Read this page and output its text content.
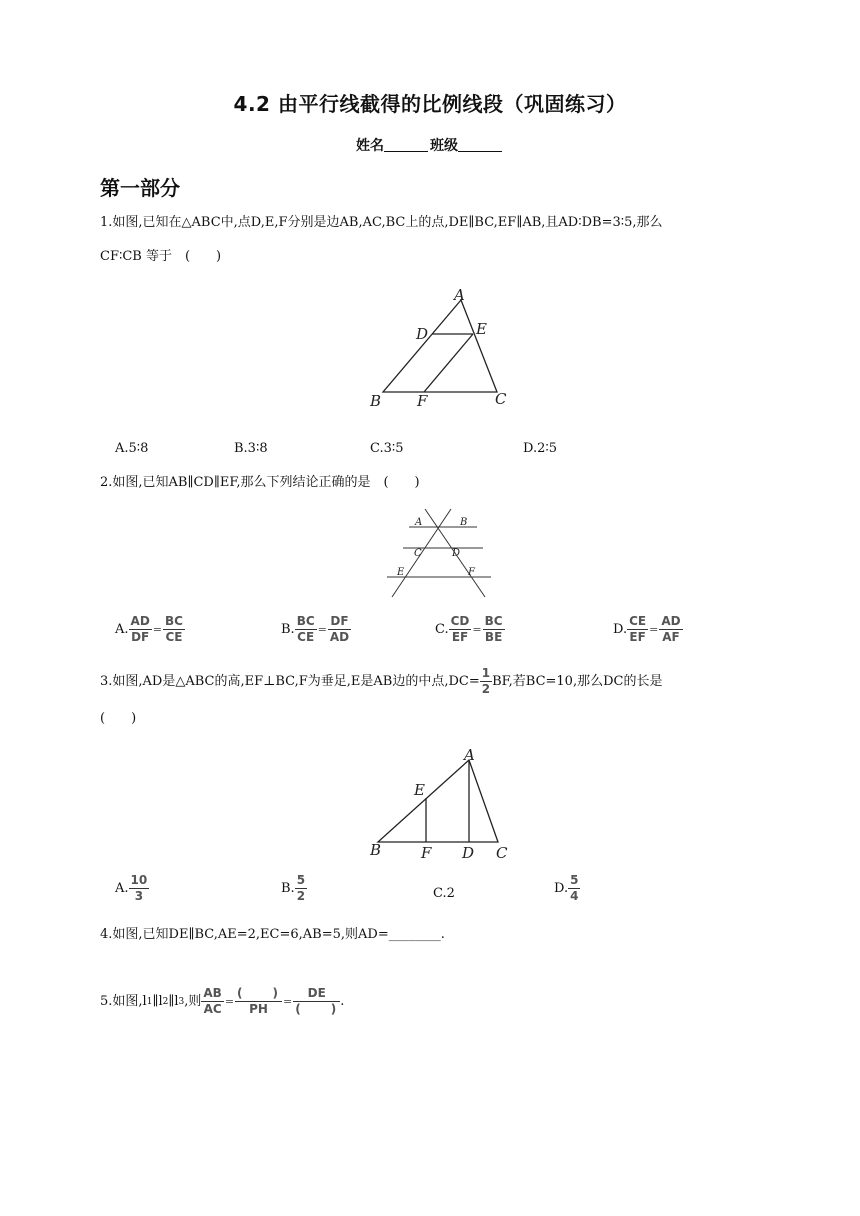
4.2 由平行线截得的比例线段（巩固练习）
姓名	班级
第一部分
1.如图,已知在△ABC中,点D,E,F分别是边AB,AC,BC上的点,DE∥BC,EF∥AB,且AD∶DB=3∶5,那么
CF∶CB 等于　(　　)
A
D	E
B F	C
A.5∶8	B.3∶8	C.3∶5	D.2∶5
2.如图,已知AB∥CD∥EF,那么下列结论正确的是　(　　)
A	B
C	D
E	F
A. $\frac{AD}{DF} = \frac{BC}{CE}$	B. $\frac{BC}{CE} = \frac{DF}{AD}$	C. $\frac{CD}{EF} = \frac{BC}{BE}$	D. $\frac{CE}{EF} = \frac{AD}{AF}$
3.如图,AD是△ABC的高,EF⊥BC,F为垂足,E是AB边的中点$,DC= \frac{1}{2}$ BF,若BC=10,那么DC的长是
(　　)
A
E
B	F D C
A. $\frac{10}{3}$	B. $\frac{5}{2}$	C.2	D. $\frac{5}{4}$
4.如图,已知DE∥BC,AE=2,EC=6,AB=5,则AD=________.
5.如图,l 1 ∥l 2 ∥l 3 ,则 $\frac{AB}{AC} = \frac{( )}{PH} = \frac{DE}{( )}$ .
